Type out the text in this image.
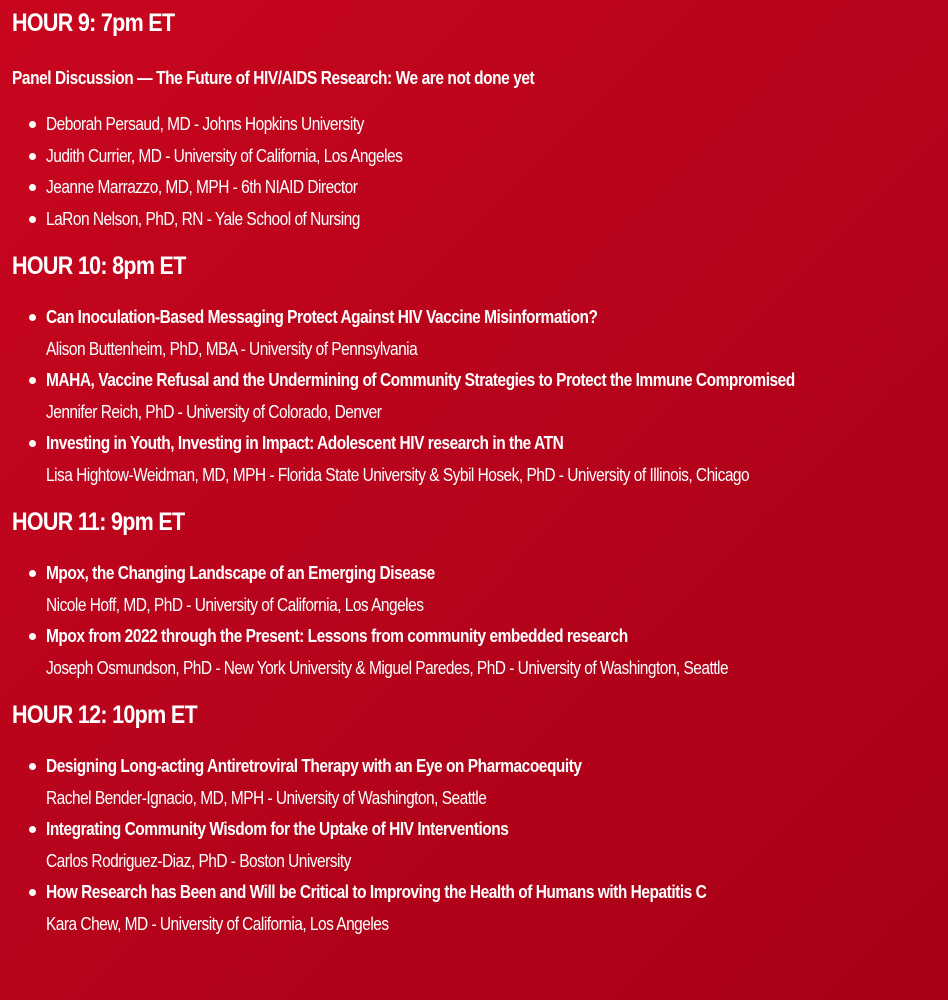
HOUR 9: 7pm ET
Panel Discussion — The Future of HIV/AIDS Research: We are not done yet
Deborah Persaud, MD - Johns Hopkins University
Judith Currier, MD - University of California, Los Angeles
Jeanne Marrazzo, MD, MPH - 6th NIAID Director
LaRon Nelson, PhD, RN - Yale School of Nursing
HOUR 10: 8pm ET
Can Inoculation-Based Messaging Protect Against HIV Vaccine Misinformation?
Alison Buttenheim, PhD, MBA - University of Pennsylvania
MAHA, Vaccine Refusal and the Undermining of Community Strategies to Protect the Immune Compromised
Jennifer Reich, PhD - University of Colorado, Denver
Investing in Youth, Investing in Impact: Adolescent HIV research in the ATN
Lisa Hightow-Weidman, MD, MPH - Florida State University & Sybil Hosek, PhD - University of Illinois, Chicago
HOUR 11: 9pm ET
Mpox, the Changing Landscape of an Emerging Disease
Nicole Hoff, MD, PhD - University of California, Los Angeles
Mpox from 2022 through the Present: Lessons from community embedded research
Joseph Osmundson, PhD - New York University & Miguel Paredes, PhD - University of Washington, Seattle
HOUR 12: 10pm ET
Designing Long-acting Antiretroviral Therapy with an Eye on Pharmacoequity
Rachel Bender-Ignacio, MD, MPH - University of Washington, Seattle
Integrating Community Wisdom for the Uptake of HIV Interventions
Carlos Rodriguez-Diaz, PhD - Boston University
How Research has Been and Will be Critical to Improving the Health of Humans with Hepatitis C
Kara Chew, MD - University of California, Los Angeles
